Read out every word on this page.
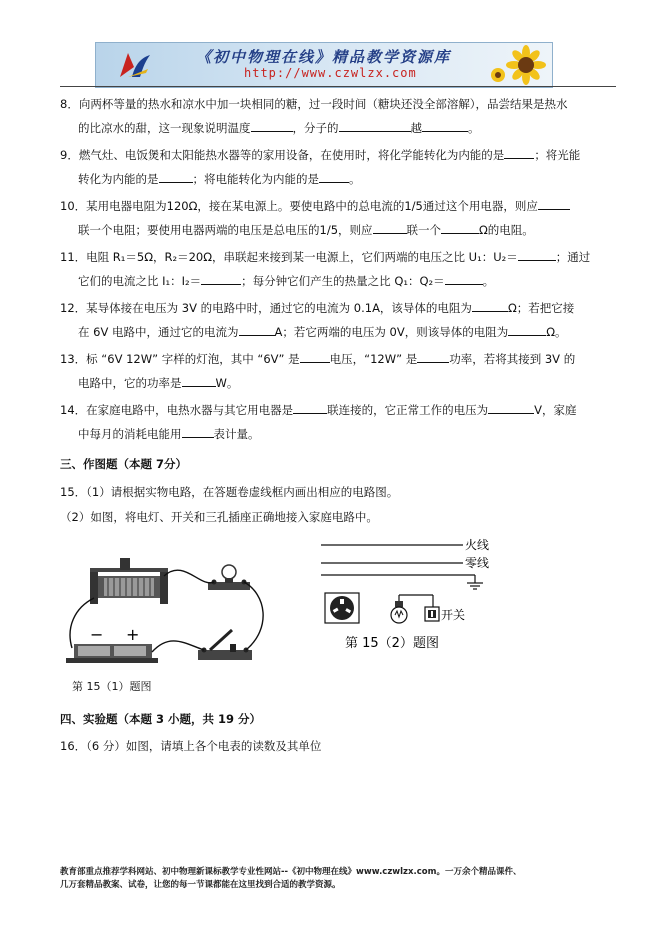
《初中物理在线》精品教学资源库
http://www.czwlzx.com
8．向两杯等量的热水和凉水中加一块相同的糖，过一段时间（糖块还没全部溶解），品尝结果是热水
的比凉水的甜，这一现象说明温度	，分子的	越	。
9．燃气灶、电饭煲和太阳能热水器等的家用设备，在使用时，将化学能转化为内能的是	；将光能
转化为内能的是	；将电能转化为内能的是	。
10．某用电器电阻为120Ω，接在某电源上。要使电路中的总电流的1/5通过这个用电器，则应
联一个电阻；要使用电器两端的电压是总电压的1/5，则应	联一个	Ω的电阻。
11．电阻 R₁＝5Ω，R₂＝20Ω，串联起来接到某一电源上，它们两端的电压之比 U₁：U₂＝	；通过
它们的电流之比 I₁：I₂＝	；每分钟它们产生的热量之比 Q₁：Q₂＝	。
12．某导体接在电压为 3V 的电路中时，通过它的电流为 0.1A，该导体的电阻为	Ω；若把它接
在 6V 电路中，通过它的电流为	A；若它两端的电压为 0V，则该导体的电阻为	Ω。
13．标 “6V 12W” 字样的灯泡，其中 “6V” 是	电压，“12W” 是	功率，若将其接到 3V 的
电路中，它的功率是	W。
14．在家庭电路中，电热水器与其它用电器是	联连接的，它正常工作的电压为	V，家庭
中每月的消耗电能用	表计量。
三、作图题（本题 7分）
15．（1）请根据实物电路，在答题卷虚线框内画出相应的电路图。
（2）如图，将电灯、开关和三孔插座正确地接入家庭电路中。
− +
第 15（1）题图
火线
零线
开关
第 15（2）题图
四、实验题（本题 3 小题，共 19 分）
16．（6 分）如图，请填上各个电表的读数及其单位
教育部重点推荐学科网站、初中物理新课标教学专业性网站--《初中物理在线》www.czwlzx.com。一万余个精品课件、
几万套精品教案、试卷，让您的每一节课都能在这里找到合适的教学资源。
